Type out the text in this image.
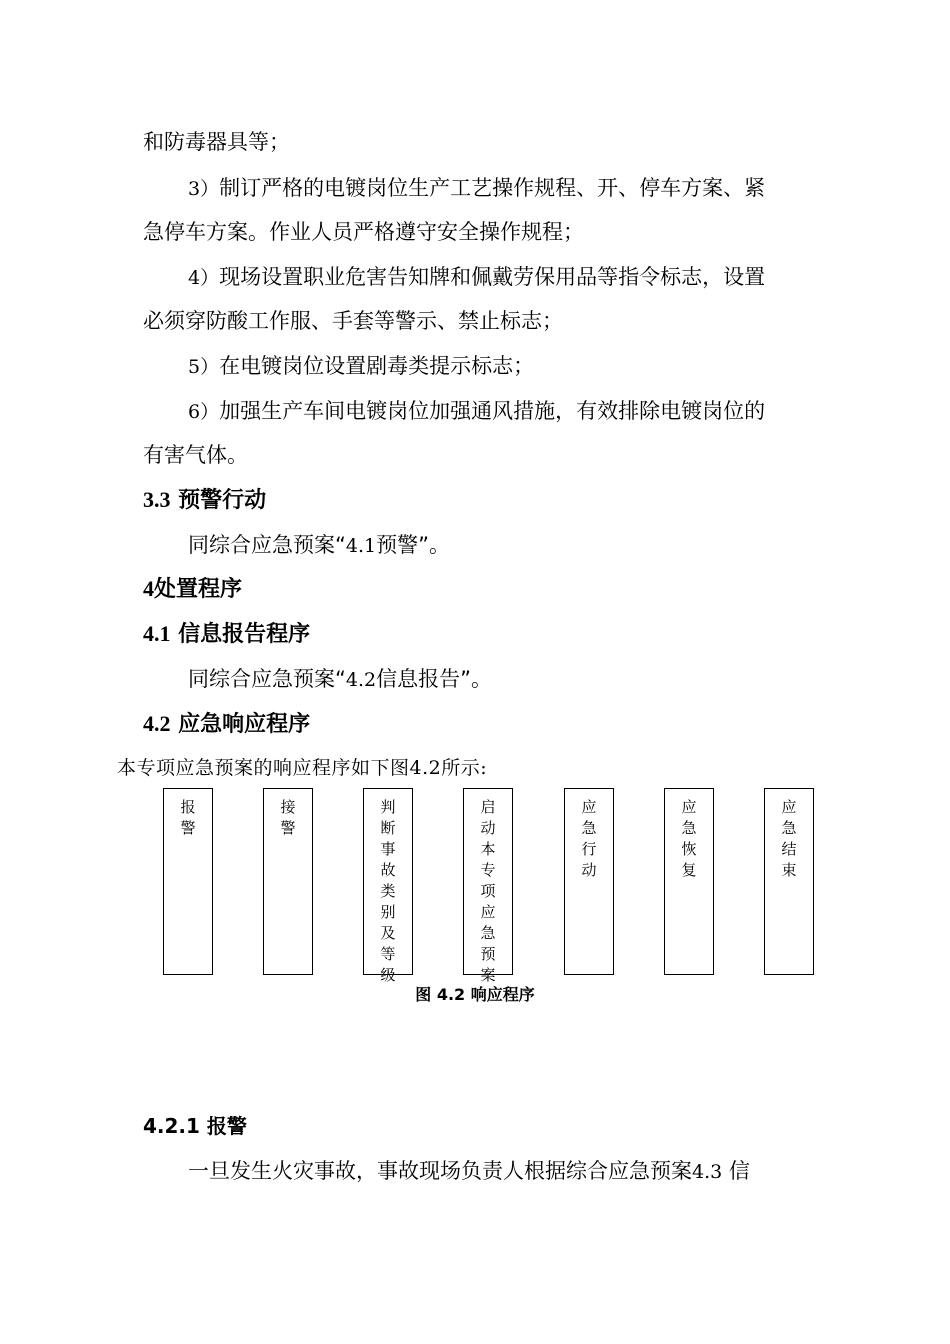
和防毒器具等；
3）制订严格的电镀岗位生产工艺操作规程、开、停车方案、紧
急停车方案。作业人员严格遵守安全操作规程；
4）现场设置职业危害告知牌和佩戴劳保用品等指令标志，设置
必须穿防酸工作服、手套等警示、禁止标志；
5）在电镀岗位设置剧毒类提示标志；
6）加强生产车间电镀岗位加强通风措施，有效排除电镀岗位的
有害气体。
3.3 预警行动
同综合应急预案“4.1预警”。
4处置程序
4.1 信息报告程序
同综合应急预案“4.2信息报告”。
4.2 应急响应程序
本专项应急预案的响应程序如下图4.2所示:
报警
接警
判断事故类别及等级
启动本专项应急预案
应急行动
应急恢复
应急结束
图 4.2 响应程序
4.2.1 报警
一旦发生火灾事故，事故现场负责人根据综合应急预案4.3 信
